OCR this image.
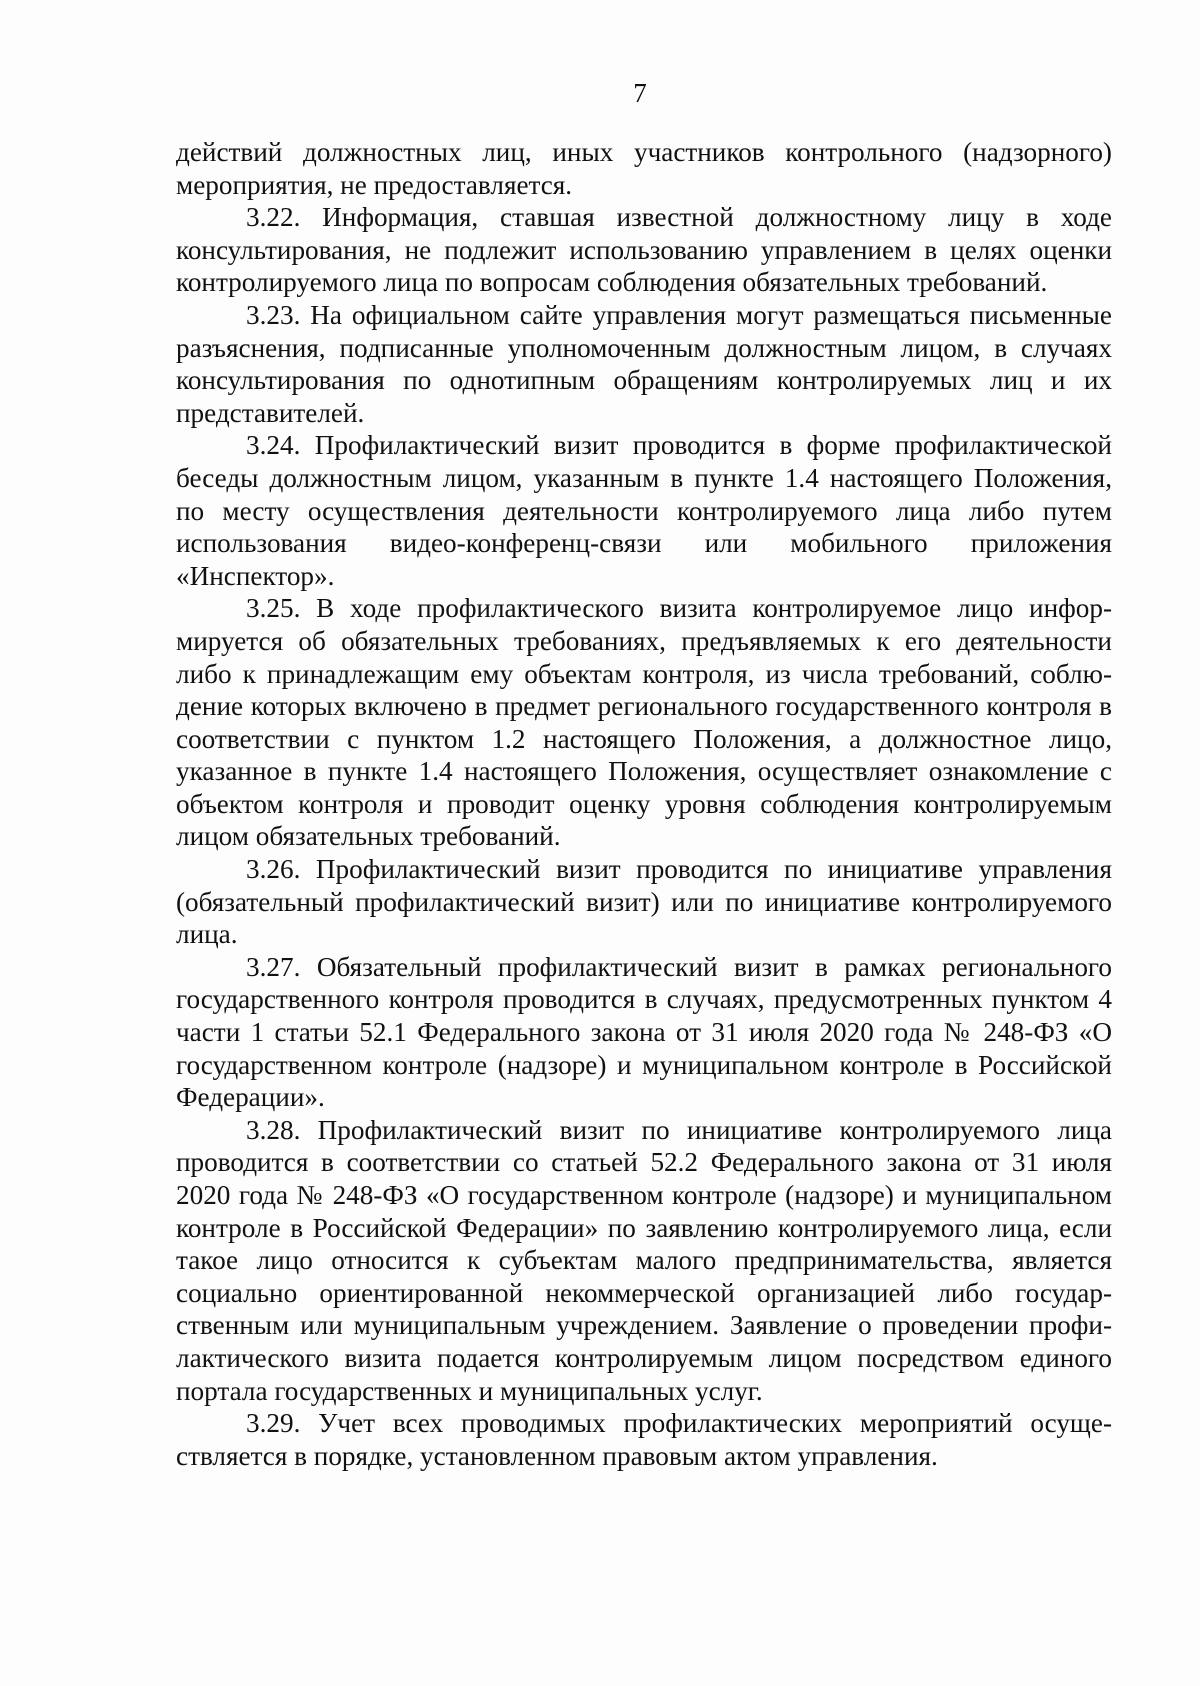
7

действий должностных лиц, иных участников контрольного (надзорного) мероприятия, не предоставляется.

3.22. Информация, ставшая известной должностному лицу в ходе консультирования, не подлежит использованию управлением в целях оценки контролируемого лица по вопросам соблюдения обязательных требований.

3.23. На официальном сайте управления могут размещаться письменные разъяснения, подписанные уполномоченным должностным лицом, в случаях консультирования по однотипным обращениям контролируемых лиц и их представителей.

3.24. Профилактический визит проводится в форме профилактической беседы должностным лицом, указанным в пункте 1.4 настоящего Положения, по месту осуществления деятельности контролируемого лица либо путем использования видео-конференц-связи или мобильного приложения «Инспектор».

3.25. В ходе профилактического визита контролируемое лицо информируется об обязательных требованиях, предъявляемых к его деятельности либо к принадлежащим ему объектам контроля, из числа требований, соблюдение которых включено в предмет регионального государственного контроля в соответствии с пунктом 1.2 настоящего Положения, а должностное лицо, указанное в пункте 1.4 настоящего Положения, осуществляет ознакомление с объектом контроля и проводит оценку уровня соблюдения контролируемым лицом обязательных требований.

3.26. Профилактический визит проводится по инициативе управления (обязательный профилактический визит) или по инициативе контролируемого лица.

3.27. Обязательный профилактический визит в рамках регионального государственного контроля проводится в случаях, предусмотренных пунктом 4 части 1 статьи 52.1 Федерального закона от 31 июля 2020 года № 248-ФЗ «О государственном контроле (надзоре) и муниципальном контроле в Российской Федерации».

3.28. Профилактический визит по инициативе контролируемого лица проводится в соответствии со статьей 52.2 Федерального закона от 31 июля 2020 года № 248-ФЗ «О государственном контроле (надзоре) и муниципальном контроле в Российской Федерации» по заявлению контролируемого лица, если такое лицо относится к субъектам малого предпринимательства, является социально ориентированной некоммерческой организацией либо государственным или муниципальным учреждением. Заявление о проведении профилактического визита подается контролируемым лицом посредством единого портала государственных и муниципальных услуг.

3.29. Учет всех проводимых профилактических мероприятий осуществляется в порядке, установленном правовым актом управления.
